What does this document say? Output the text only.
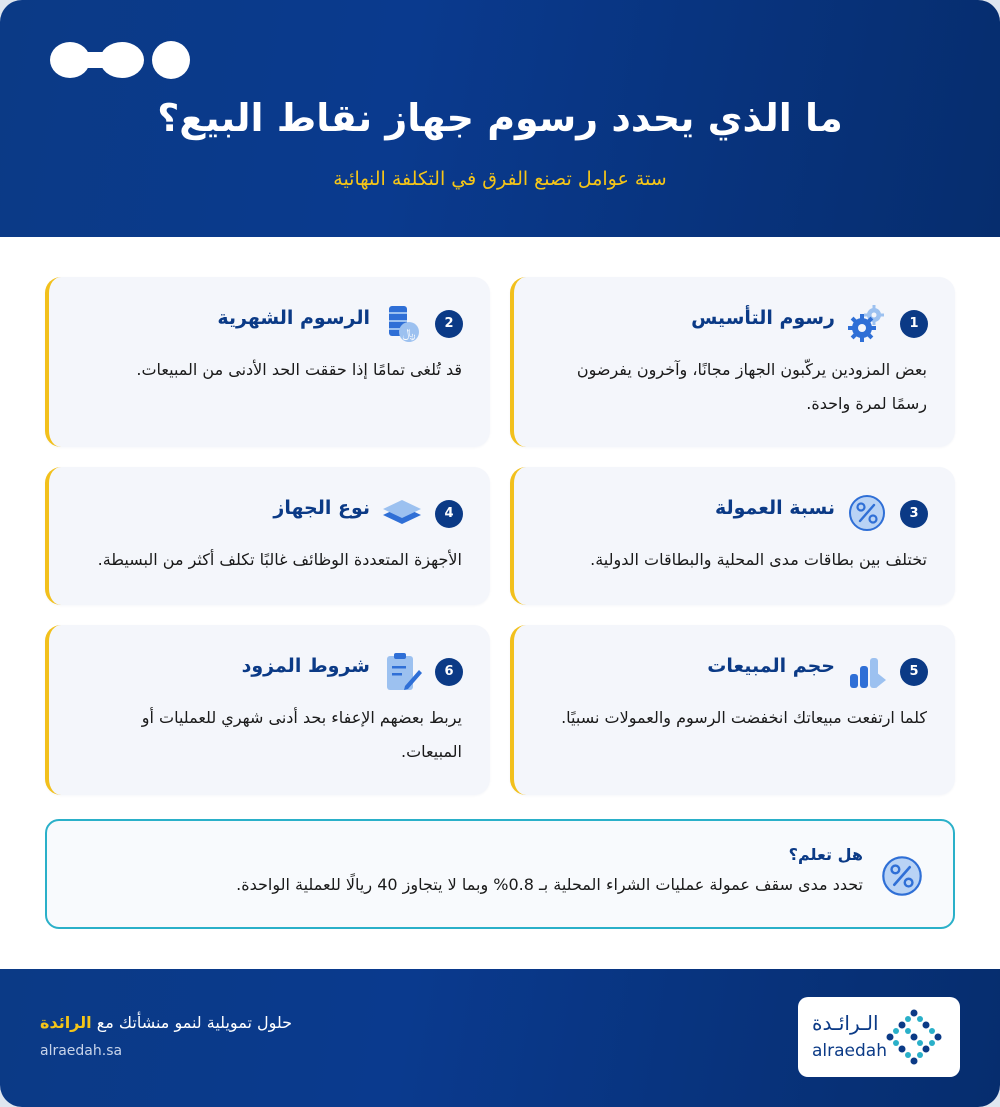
ما الذي يحدد رسوم جهاز نقاط البيع؟
ستة عوامل تصنع الفرق في التكلفة النهائية
1
رسوم التأسيس
بعض المزودين يركّبون الجهاز مجانًا، وآخرون يفرضون رسمًا لمرة واحدة.
2
﷼
الرسوم الشهرية
قد تُلغى تمامًا إذا حققت الحد الأدنى من المبيعات.
3
نسبة العمولة
تختلف بين بطاقات مدى المحلية والبطاقات الدولية.
4
نوع الجهاز
الأجهزة المتعددة الوظائف غالبًا تكلف أكثر من البسيطة.
5
حجم المبيعات
كلما ارتفعت مبيعاتك انخفضت الرسوم والعمولات نسبيًا.
6
شروط المزود
يربط بعضهم الإعفاء بحد أدنى شهري للعمليات أو المبيعات.
هل تعلم؟
تحدد مدى سقف عمولة عمليات الشراء المحلية بـ 0.8% وبما لا يتجاوز 40 ريالًا للعملية الواحدة.
الـرائـدة
alraedah
حلول تمويلية لنمو منشأتك مع الرائدة
alraedah.sa
